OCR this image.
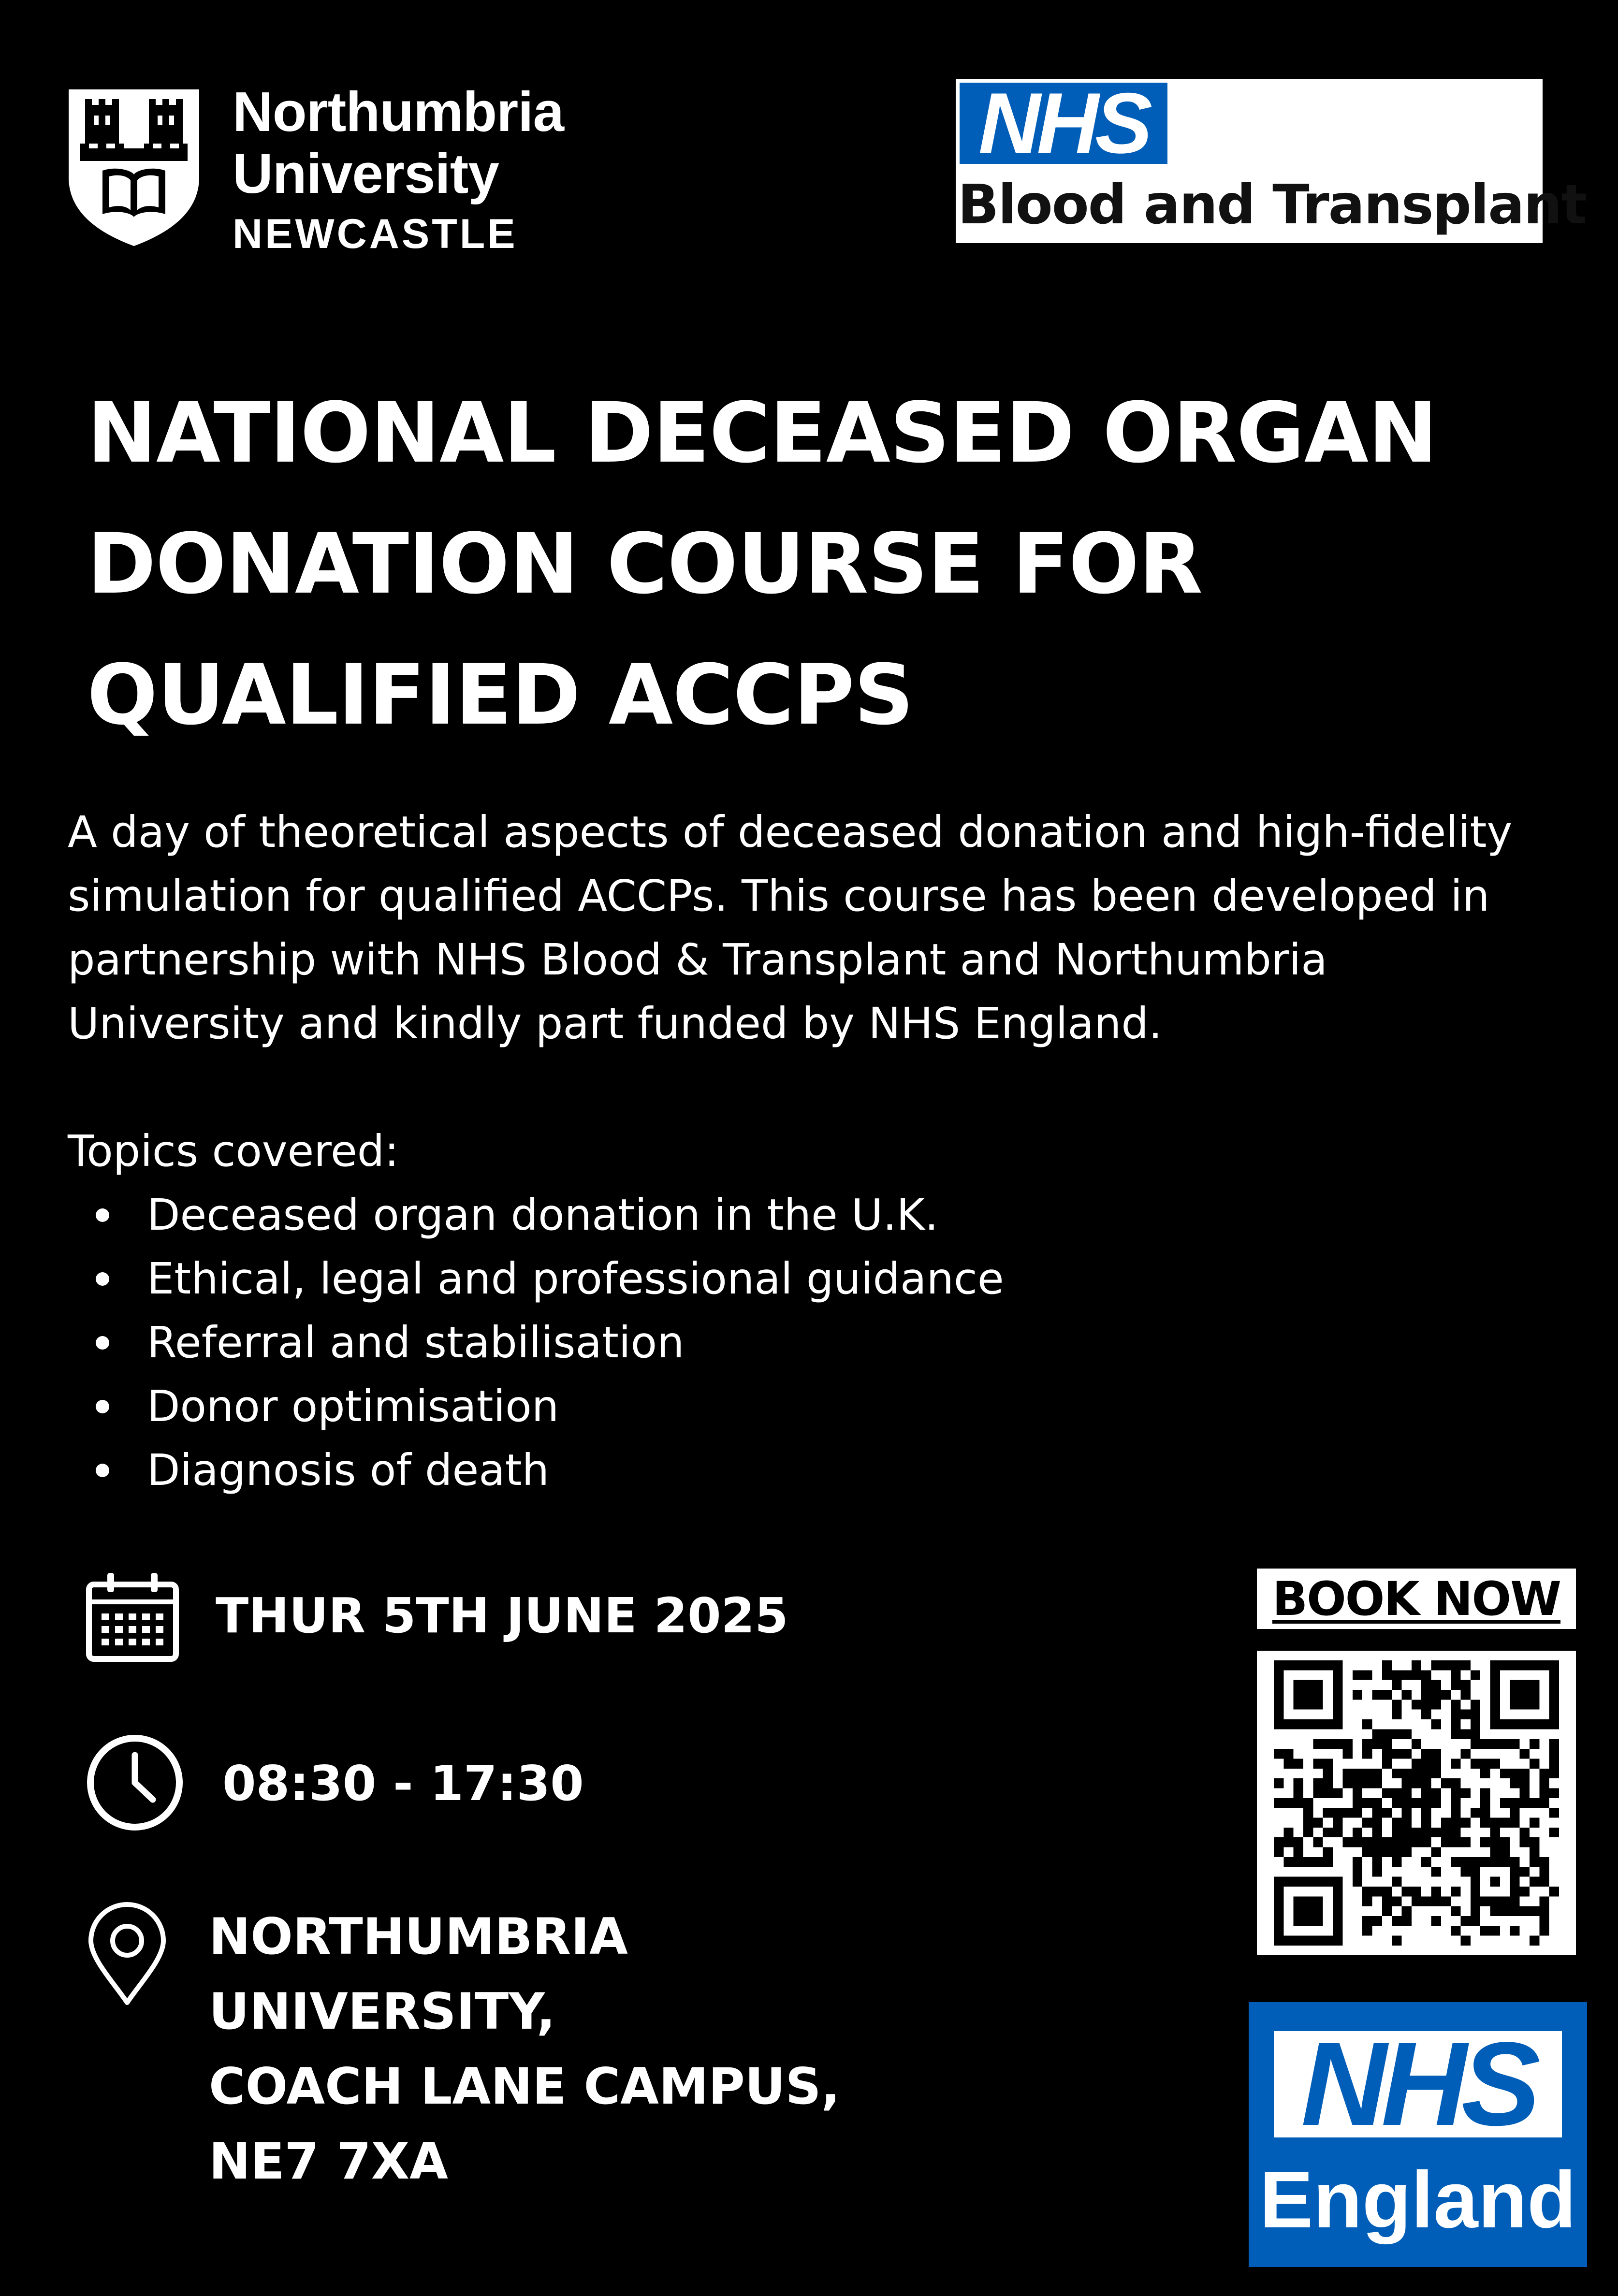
Northumbria
University
NEWCASTLE
NHS
Blood and Transplant
NATIONAL DECEASED ORGAN
DONATION COURSE FOR
QUALIFIED ACCPS
A day of theoretical aspects of deceased donation and high-fidelity
simulation for qualified ACCPs. This course has been developed in
partnership with NHS Blood & Transplant and Northumbria
University and kindly part funded by NHS England.
Topics covered:
Deceased organ donation in the U.K.
Ethical, legal and professional guidance
Referral and stabilisation
Donor optimisation
Diagnosis of death
THUR 5TH JUNE 2025
08:30 - 17:30
NORTHUMBRIA
UNIVERSITY,
COACH LANE CAMPUS,
NE7 7XA
BOOK NOW
NHS
England
